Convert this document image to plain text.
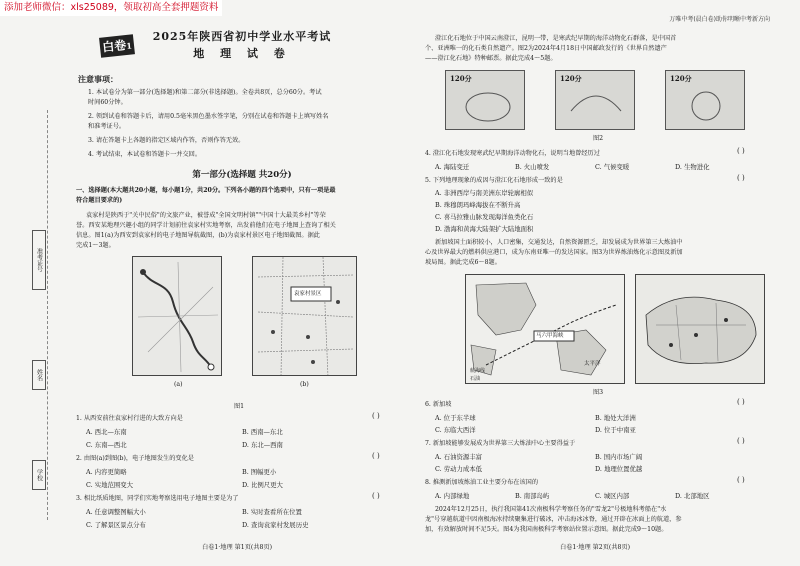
添加老师微信：xls25089，领取初高全套押题资料
万唯中考(晨白卷)助你明晰中考新方向
准考证号
姓名
学校
白卷1
2025年陕西省初中学业水平考试
地 理 试 卷
注意事项：
1. 本试卷分为第一部分(选择题)和第二部分(非选择题)。全卷共8页，总分60分。考试
时间60分钟。
2. 领到试卷和答题卡后，请用0.5毫米黑色墨水签字笔，分别在试卷和答题卡上填写姓名
和准考证号。
3. 请在答题卡上各题的指定区域内作答，否则作答无效。
4. 考试结束，本试卷和答题卡一并交回。
第一部分(选择题 共20分)
一、选择题(本大题共20小题，每小题1分，共20分。下列各小题的四个选项中，只有一项是最
符合题目要求的)
袁家村是陕西于"关中民俗"的文旅产业，被誉成"全国文明村镇""中国十大最美乡村"等荣
誉。西安某地理兴趣小组的同学计划前往袁家村实地考察，出发前他们在电子地图上查询了相关
信息。图1(a)为西安到袁家村的电子地图导航截图，(b)为袁家村景区电子地图截图。据此
完成1～3题。
(a)
袁家村景区
(b)
图1
1. 从西安前往袁家村行进的大致方向是	( )
A. 西北—东南	B. 西南—东北
C. 东南—西北	D. 东北—西南
2. 由图(a)到图(b)，电子地图发生的变化是	( )
A. 内容更简略	B. 图幅更小
C. 实地范围变大	D. 比例尺更大
3. 相比纸质地图，同学们实地考察选用电子地图主要是为了	( )
A. 任意调整图幅大小	B. 实时查看所在位置
C. 了解景区景点分布	D. 查询袁家村发展历史
白卷1·地理 第1页(共8页)
澄江化石地位于中国云南澄江，昆明一带，是寒武纪早期的海洋动物化石群落，是中国首
个、亚洲唯一的化石类自然遗产。图2为2024年4月18日中国邮政发行的《世界自然遗产
——澄江化石地》特种邮票。据此完成4～5题。
120分	120分	120分
图2
4. 澄江化石地发现寒武纪早期海洋动物化石，说明当地曾经历过	( )
A. 海陆变迁	B. 火山喷发	C. 气候变暖	D. 生物进化
5. 下列地理现象的成因与澄江化石地形成一致的是	( )
A. 非洲西岸与南美洲东岸轮廓相似
B. 珠穆朗玛峰海拔在不断升高
C. 喜马拉雅山脉发现海洋鱼类化石
D. 渤海和黄海大陆架扩大陆地面积
新加坡国土面积较小，人口密集，交通发达，自然资源匮乏，却发展成为世界第三大炼油中
心及世界最大的燃料供应港口，成为东南亚唯一的发达国家。图3为世界炼油炼化示意图及新加
坡局图。据此完成6～8题。
马六甲海峡
太平洋
航海线
石油
图3
6. 新加坡	( )
A. 位于东半球	B. 地处大洋洲
C. 东临大西洋	D. 位于中南亚
7. 新加坡能够发展成为世界第三大炼油中心主要得益于	( )
A. 石油资源丰富	B. 国内市场广阔
C. 劳动力成本低	D. 地理位置优越
8. 推测新加坡炼油工业主要分布在该国的	( )
A. 内部绿地	B. 南部岛屿	C. 城区内部	D. 北部地区
2024年12月25日，执行我国第41次南极科学考察任务的"雪龙2"号极地科考船在"水
龙"号穿越航道中因南极海冰持续聚集进行破冰，冲击海冰冰脊，通过开辟在冰面上的航道，参
加，有效解放时间不足5天。图4为我国南极科学考察站位置示意图。据此完成9～10题。
白卷1·地理 第2页(共8页)
